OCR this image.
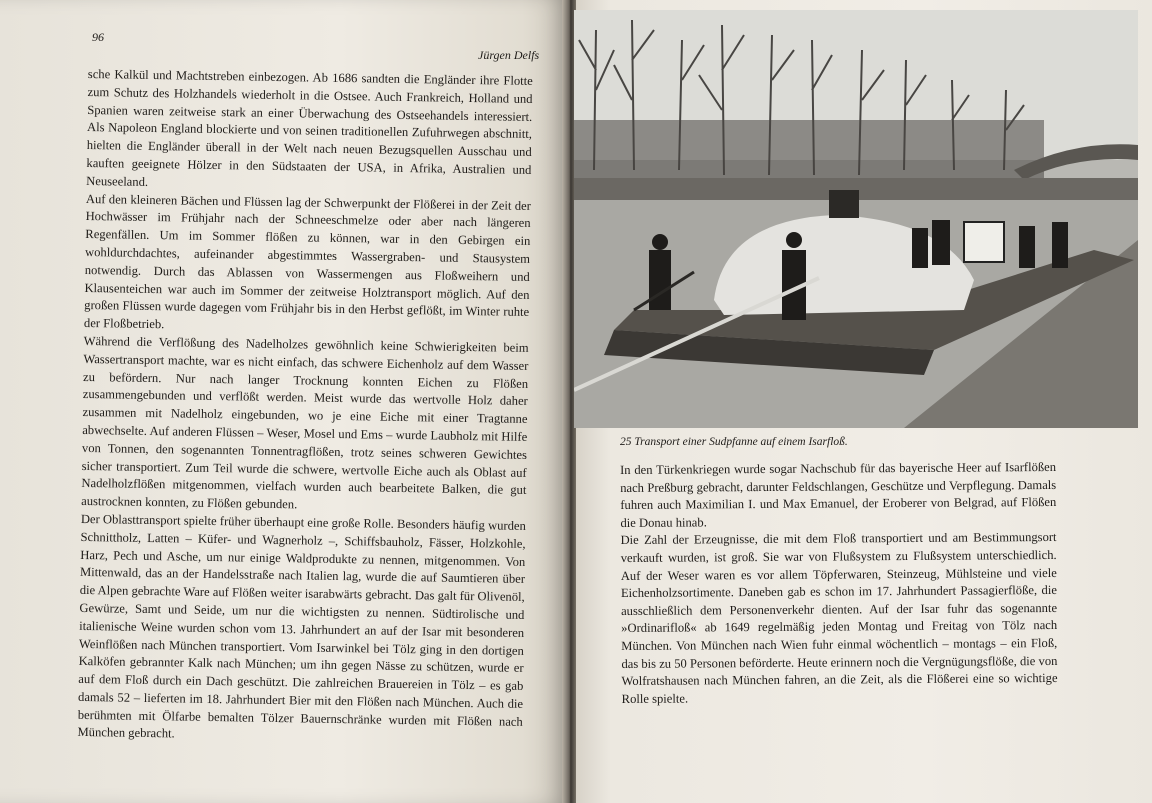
96
Jürgen Delfs

sche Kalkül und Machtstreben einbezogen. Ab 1686 sandten die Engländer ihre Flotte zum Schutz des Holzhandels wiederholt in die Ostsee. Auch Frankreich, Holland und Spanien waren zeitweise stark an einer Überwachung des Ostseehandels interessiert. Als Napoleon England blockierte und von seinen traditionellen Zufuhrwegen abschnitt, hielten die Engländer überall in der Welt nach neuen Bezugsquellen Ausschau und kauften geeignete Hölzer in den Südstaaten der USA, in Afrika, Australien und Neuseeland.

Auf den kleineren Bächen und Flüssen lag der Schwerpunkt der Flößerei in der Zeit der Hochwässer im Frühjahr nach der Schneeschmelze oder aber nach längeren Regenfällen. Um im Sommer flößen zu können, war in den Gebirgen ein wohldurchdachtes, aufeinander abgestimmtes Wassergraben- und Stausystem notwendig. Durch das Ablassen von Wassermengen aus Floßweihern und Klausenteichen war auch im Sommer der zeitweise Holztransport möglich. Auf den großen Flüssen wurde dagegen vom Frühjahr bis in den Herbst geflößt, im Winter ruhte der Floßbetrieb.

Während die Verflößung des Nadelholzes gewöhnlich keine Schwierigkeiten beim Wassertransport machte, war es nicht einfach, das schwere Eichenholz auf dem Wasser zu befördern. Nur nach langer Trocknung konnten Eichen zu Flößen zusammengebunden und verflößt werden. Meist wurde das wertvolle Holz daher zusammen mit Nadelholz eingebunden, wo je eine Eiche mit einer Tragtanne abwechselte. Auf anderen Flüssen – Weser, Mosel und Ems – wurde Laubholz mit Hilfe von Tonnen, den sogenannten Tonnentragflößen, trotz seines schweren Gewichtes sicher transportiert. Zum Teil wurde die schwere, wertvolle Eiche auch als Oblast auf Nadelholzflößen mitgenommen, vielfach wurden auch bearbeitete Balken, die gut austrocknen konnten, zu Flößen gebunden.

Der Oblasttransport spielte früher überhaupt eine große Rolle. Besonders häufig wurden Schnittholz, Latten – Küfer- und Wagnerholz –, Schiffsbauholz, Fässer, Holzkohle, Harz, Pech und Asche, um nur einige Waldprodukte zu nennen, mitgenommen. Von Mittenwald, das an der Handelsstraße nach Italien lag, wurde die auf Saumtieren über die Alpen gebrachte Ware auf Flößen weiter isarabwärts gebracht. Das galt für Olivenöl, Gewürze, Samt und Seide, um nur die wichtigsten zu nennen. Südtirolische und italienische Weine wurden schon vom 13. Jahrhundert an auf der Isar mit besonderen Weinflößen nach München transportiert. Vom Isarwinkel bei Tölz ging in den dortigen Kalköfen gebrannter Kalk nach München; um ihn gegen Nässe zu schützen, wurde er auf dem Floß durch ein Dach geschützt. Die zahlreichen Brauereien in Tölz – es gab damals 52 – lieferten im 18. Jahrhundert Bier mit den Flößen nach München. Auch die berühmten mit Ölfarbe bemalten Tölzer Bauernschränke wurden mit Flößen nach München gebracht.

25 Transport einer Sudpfanne auf einem Isarfloß.

In den Türkenkriegen wurde sogar Nachschub für das bayerische Heer auf Isarflößen nach Preßburg gebracht, darunter Feldschlangen, Geschütze und Verpflegung. Damals fuhren auch Maximilian I. und Max Emanuel, der Eroberer von Belgrad, auf Flößen die Donau hinab.

Die Zahl der Erzeugnisse, die mit dem Floß transportiert und am Bestimmungsort verkauft wurden, ist groß. Sie war von Flußsystem zu Flußsystem unterschiedlich. Auf der Weser waren es vor allem Töpferwaren, Steinzeug, Mühlsteine und viele Eichenholzsortimente. Daneben gab es schon im 17. Jahrhundert Passagierflöße, die ausschließlich dem Personenverkehr dienten. Auf der Isar fuhr das sogenannte »Ordinarifloß« ab 1649 regelmäßig jeden Montag und Freitag von Tölz nach München. Von München nach Wien fuhr einmal wöchentlich – montags – ein Floß, das bis zu 50 Personen beförderte. Heute erinnern noch die Vergnügungsflöße, die von Wolfratshausen nach München fahren, an die Zeit, als die Flößerei eine so wichtige Rolle spielte.
